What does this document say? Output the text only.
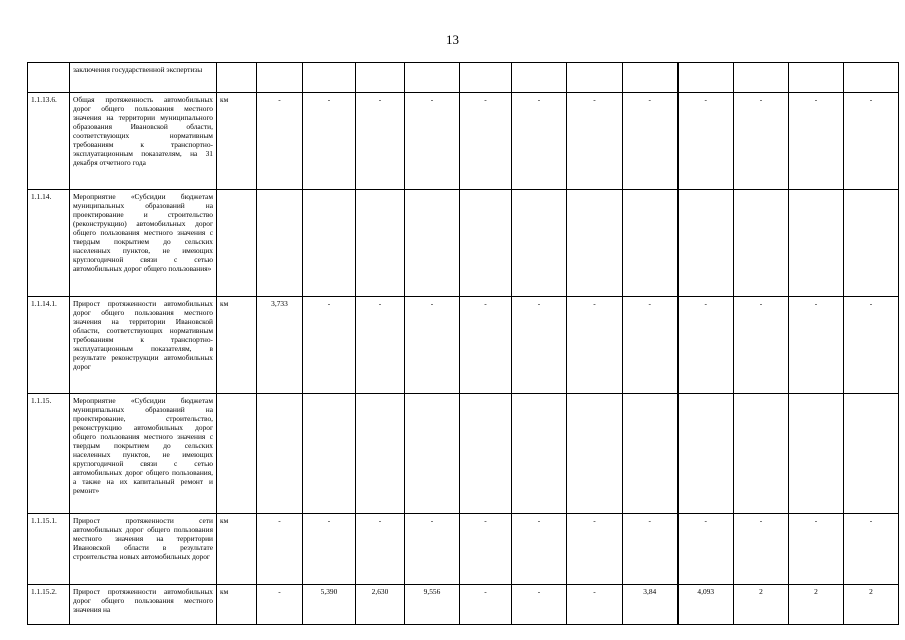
13
	заключения государственной экспертизы													
1.1.13.6.	Общая протяженность автомобильных дорог общего пользования местного значения на территории муниципального образования Ивановской области, соответствующих нормативным требованиям к транспортно-эксплуатационным показателям, на 31 декабря отчетного года	км	-	-	-	-	-	-	-	-	-	-	-	-
1.1.14.	Мероприятие «Субсидии бюджетам муниципальных образований на проектирование и строительство (реконструкцию) автомобильных дорог общего пользования местного значения с твердым покрытием до сельских населенных пунктов, не имеющих круглогодичной связи с сетью автомобильных дорог общего пользования»													
1.1.14.1.	Прирост протяженности автомобильных дорог общего пользования местного значения на территории Ивановской области, соответствующих нормативным требованиям к транспортно-эксплуатационным показателям, в результате реконструкции автомобильных дорог	км	3,733	-	-	-	-	-	-	-	-	-	-	-
1.1.15.	Мероприятие «Субсидии бюджетам муниципальных образований на проектирование, строительство, реконструкцию автомобильных дорог общего пользования местного значения с твердым покрытием до сельских населенных пунктов, не имеющих круглогодичной связи с сетью автомобильных дорог общего пользования, а также на их капитальный ремонт и ремонт»													
1.1.15.1.	Прирост протяженности сети автомобильных дорог общего пользования местного значения на территории Ивановской области в результате строительства новых автомобильных дорог	км	-	-	-	-	-	-	-	-	-	-	-	-
1.1.15.2.	Прирост протяженности автомобильных дорог общего пользования местного значения на	км	-	5,390	2,630	9,556	-	-	-	3,84	4,093	2	2	2
